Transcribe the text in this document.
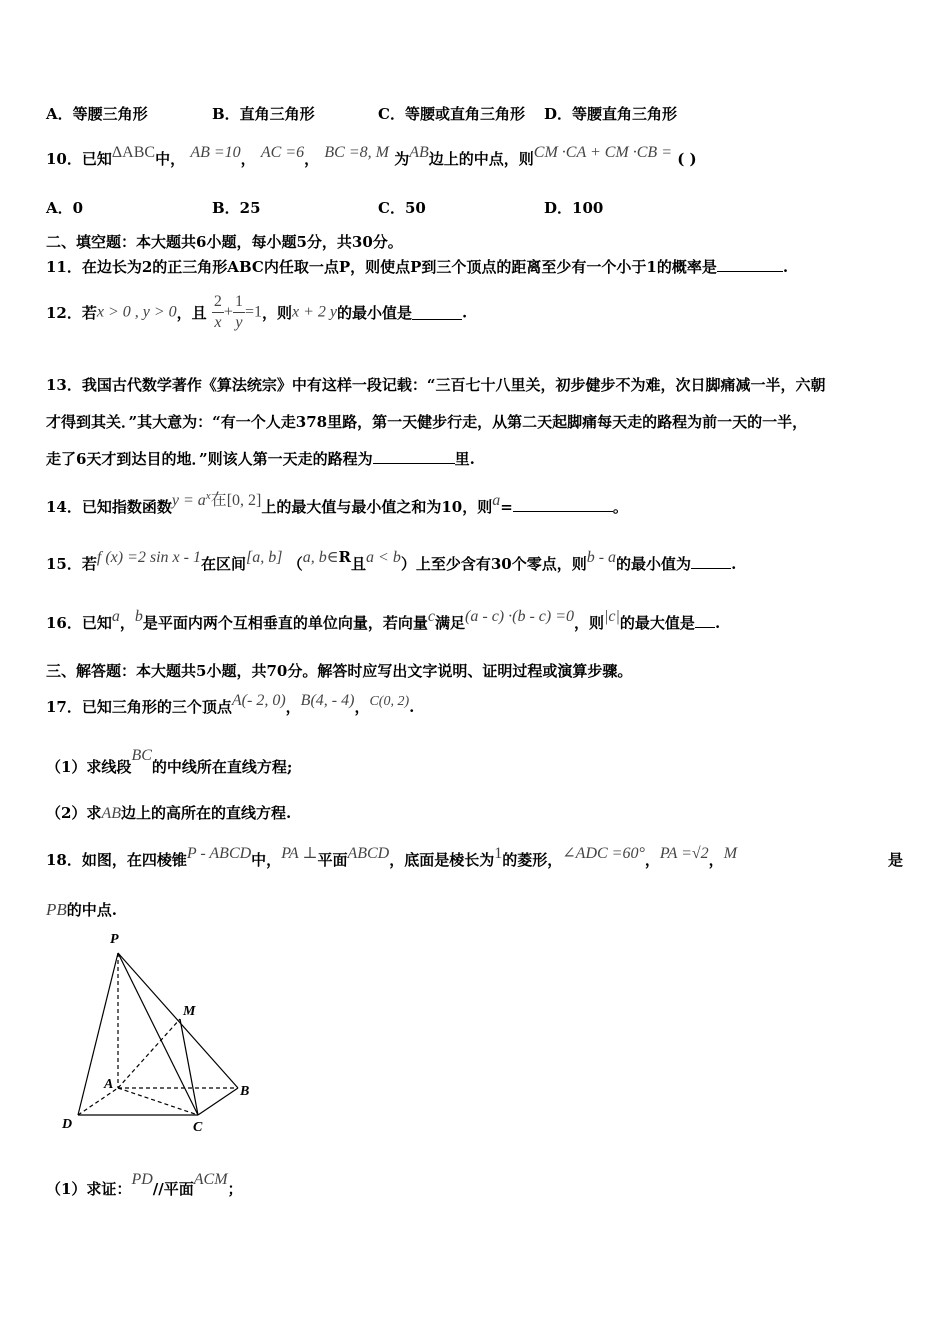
A．等腰三角形	B．直角三角形	C．等腰或直角三角形 D．等腰直角三角形
10．已知ΔABC中， AB =10， AC =6， BC =8, M 为AB边上的中点，则CM ·CA + CM ·CB = ( )
A．0	B．25	C．50	D．100
二、填空题：本大题共6小题，每小题5分，共30分。
11．在边长为2的正三角形ABC内任取一点P，则使点P到三个顶点的距离至少有一个小于1的概率是	.
12．若x > 0 , y > 0，且 $\frac{2}{x} + \frac{1}{y} =1$，则x + 2 y的最小值是	.
13．我国古代数学著作《算法统宗》中有这样一段记载：“三百七十八里关，初步健步不为难，次日脚痛减一半，六朝
才得到其关．”其大意为：“有一个人走378里路，第一天健步行走，从第二天起脚痛每天走的路程为前一天的一半，
走了6天才到达目的地．”则该人第一天走的路程为	里.
14．已知指数函数$y = a^x$在[0, 2]上的最大值与最小值之和为10，则a=	。
15．若f (x) =2 sin x - 1在区间[a, b] （a, b∈R且a < b）上至少含有30个零点，则b - a的最小值为	.
16．已知a，b是平面内两个互相垂直的单位向量，若向量c满足(a - c) ·(b - c) =0，则|c|的最大值是 .
三、解答题：本大题共5小题，共70分。解答时应写出文字说明、证明过程或演算步骤。
17．已知三角形的三个顶点A(- 2, 0)，B(4, - 4)，C(0, 2).
（1）求线段BC的中线所在直线方程;
（2）求AB边上的高所在的直线方程.
18．如图，在四棱锥P - ABCD中，PA ⊥平面ABCD，底面是棱长为1的菱形，∠ADC =60°，PA =√2，M	是
PB的中点.
P
M
A	B
C
D
（1）求证：PD//平面ACM；
